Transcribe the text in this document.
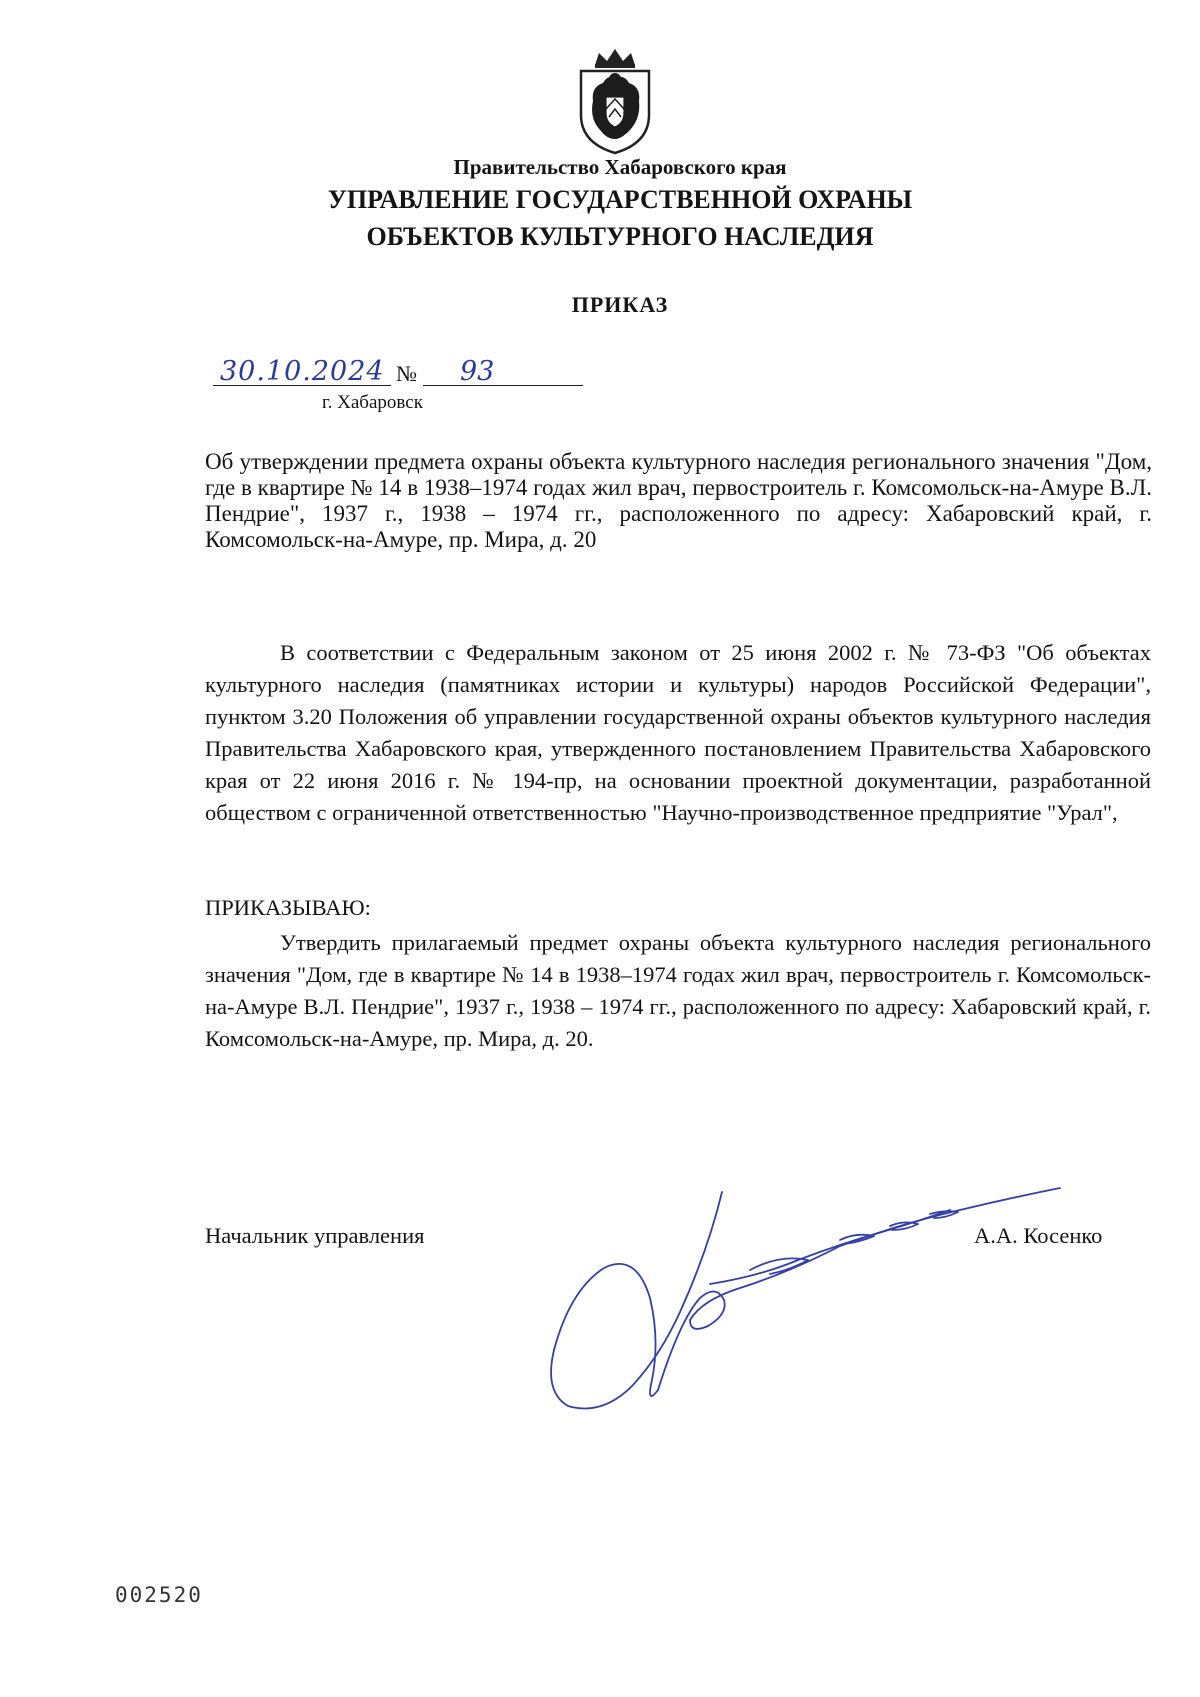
Правительство Хабаровского края
УПРАВЛЕНИЕ ГОСУДАРСТВЕННОЙ ОХРАНЫ
ОБЪЕКТОВ КУЛЬТУРНОГО НАСЛЕДИЯ
ПРИКАЗ
30.10.2024 № 93
г. Хабаровск
Об утверждении предмета охраны объекта культурного наследия регионального значения "Дом, где в квартире № 14 в 1938–1974 годах жил врач, первостроитель г. Комсомольск-на-Амуре В.Л. Пендрие", 1937 г., 1938 – 1974 гг., расположенного по адресу: Хабаровский край, г. Комсомольск-на-Амуре, пр. Мира, д. 20
В соответствии с Федеральным законом от 25 июня 2002 г. № 73-ФЗ "Об объектах культурного наследия (памятниках истории и культуры) народов Российской Федерации", пунктом 3.20 Положения об управлении государственной охраны объектов культурного наследия Правительства Хабаровского края, утвержденного постановлением Правительства Хабаровского края от 22 июня 2016 г. № 194-пр, на основании проектной документации, разработанной обществом с ограниченной ответственностью "Научно-производственное предприятие "Урал",
ПРИКАЗЫВАЮ:
Утвердить прилагаемый предмет охраны объекта культурного наследия регионального значения "Дом, где в квартире № 14 в 1938–1974 годах жил врач, первостроитель г. Комсомольск-на-Амуре В.Л. Пендрие", 1937 г., 1938 – 1974 гг., расположенного по адресу: Хабаровский край, г. Комсомольск-на-Амуре, пр. Мира, д. 20.
Начальник управления	А.А. Косенко
002520
